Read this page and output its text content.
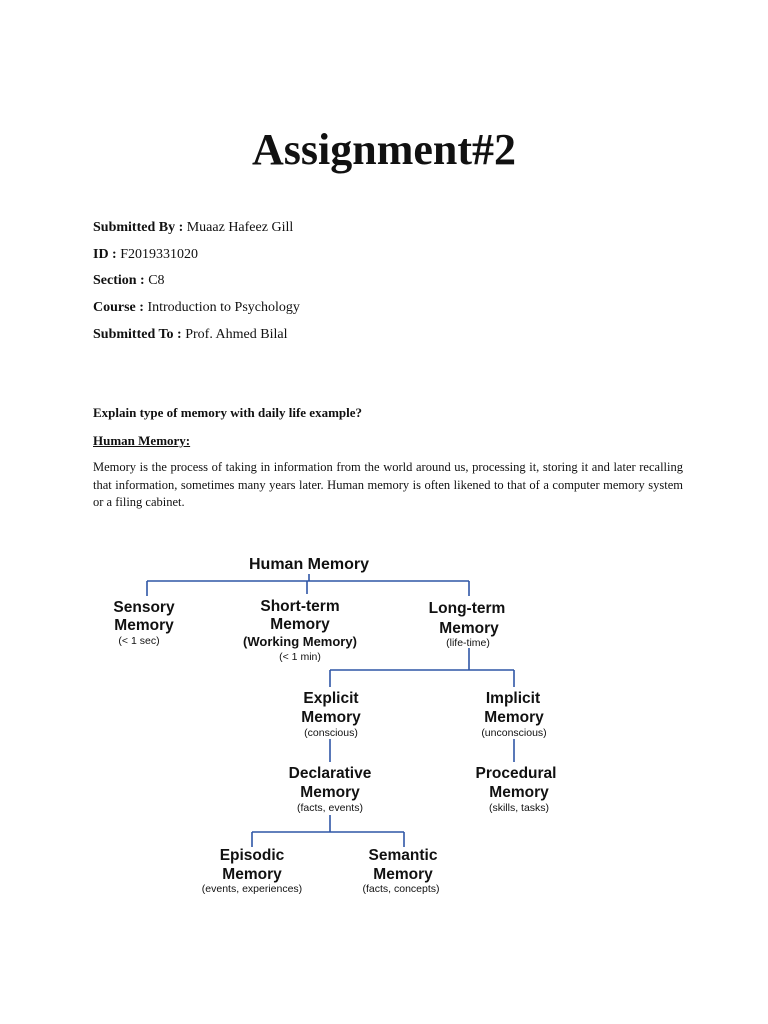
Assignment#2
Submitted By : Muaaz Hafeez Gill
ID : F2019331020
Section : C8
Course : Introduction to Psychology
Submitted To : Prof. Ahmed Bilal
Explain type of memory with daily life example?
Human Memory:
Memory is the process of taking in information from the world around us, processing it, storing it and later recalling that information, sometimes many years later. Human memory is often likened to that of a computer memory system or a filing cabinet.
Human Memory
Sensory
Memory
(< 1 sec)
Short-term
Memory
(Working Memory)
(< 1 min)
Long-term
Memory
(life-time)
Explicit
Memory
(conscious)
Implicit
Memory
(unconscious)
Declarative
Memory
(facts, events)
Procedural
Memory
(skills, tasks)
Episodic
Memory
(events, experiences)
Semantic
Memory
(facts, concepts)
